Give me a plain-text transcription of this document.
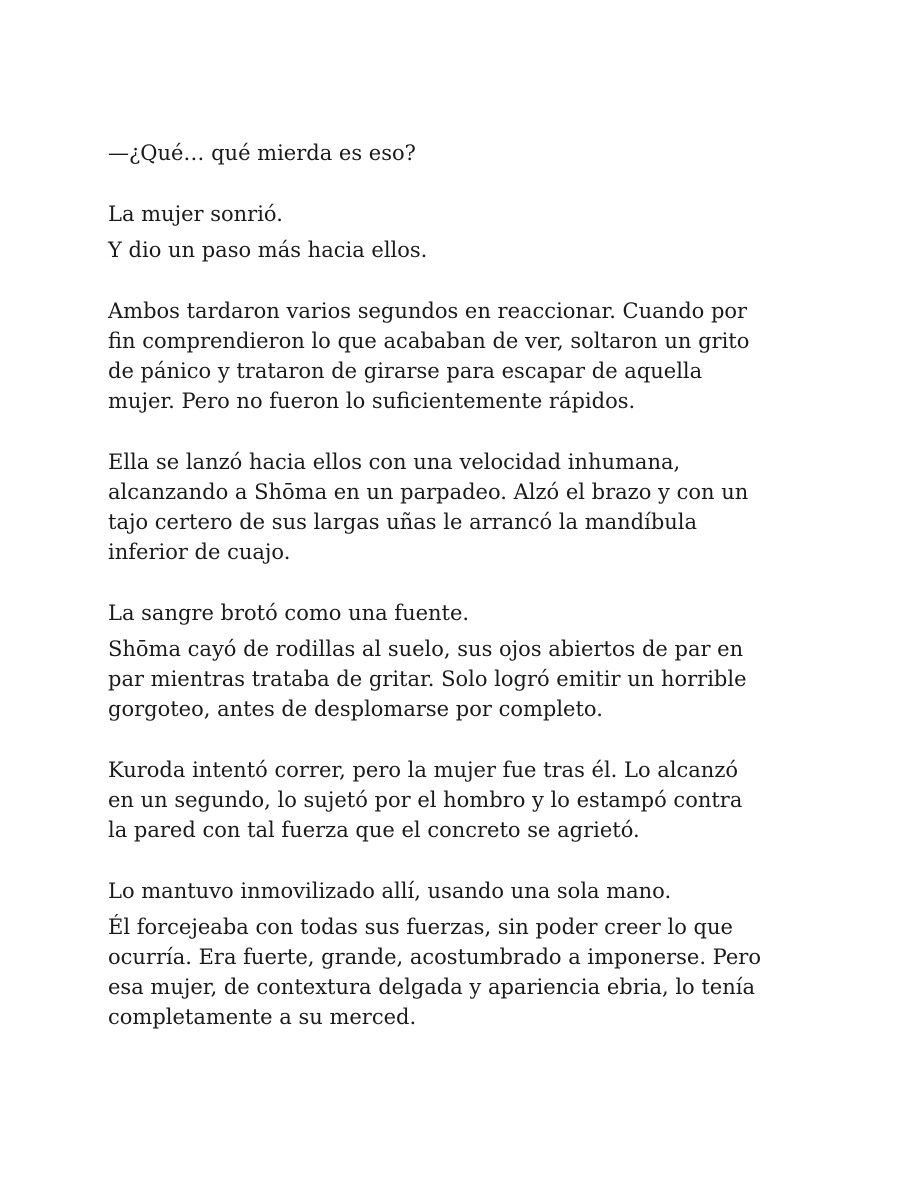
—¿Qué… qué mierda es eso?

La mujer sonrió.

Y dio un paso más hacia ellos.

Ambos tardaron varios segundos en reaccionar. Cuando por
fin comprendieron lo que acababan de ver, soltaron un grito
de pánico y trataron de girarse para escapar de aquella
mujer. Pero no fueron lo suficientemente rápidos.

Ella se lanzó hacia ellos con una velocidad inhumana,
alcanzando a Shōma en un parpadeo. Alzó el brazo y con un
tajo certero de sus largas uñas le arrancó la mandíbula
inferior de cuajo.

La sangre brotó como una fuente.

Shōma cayó de rodillas al suelo, sus ojos abiertos de par en
par mientras trataba de gritar. Solo logró emitir un horrible
gorgoteo, antes de desplomarse por completo.

Kuroda intentó correr, pero la mujer fue tras él. Lo alcanzó
en un segundo, lo sujetó por el hombro y lo estampó contra
la pared con tal fuerza que el concreto se agrietó.

Lo mantuvo inmovilizado allí, usando una sola mano.

Él forcejeaba con todas sus fuerzas, sin poder creer lo que
ocurría. Era fuerte, grande, acostumbrado a imponerse. Pero
esa mujer, de contextura delgada y apariencia ebria, lo tenía
completamente a su merced.
